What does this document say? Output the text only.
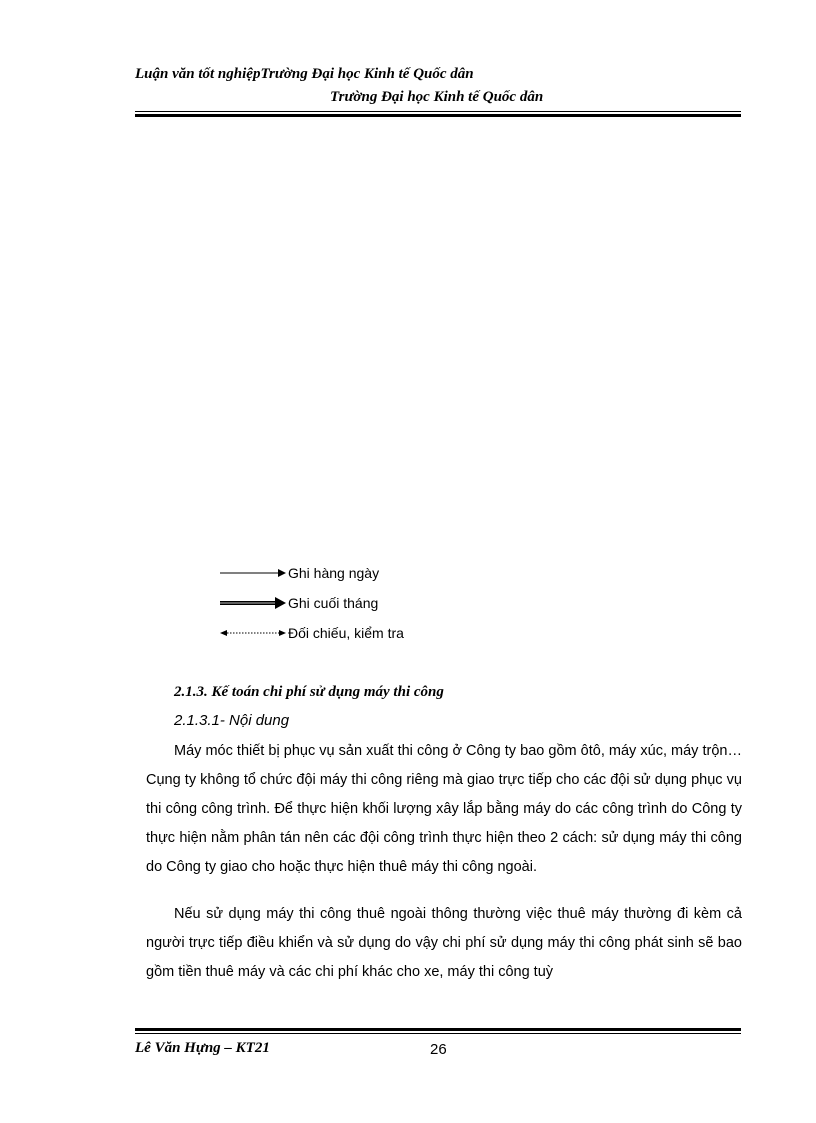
Luận văn tốt nghiệpTrường Đại học Kinh tế Quốc dân
Trường Đại học Kinh tế Quốc dân
Ghi hàng ngày
Ghi cuối tháng
Đối chiếu, kiểm tra
2.1.3. Kế toán chi phí sử dụng máy thi công
2.1.3.1- Nội dung

Máy móc thiết bị phục vụ sản xuất thi công ở Công ty bao gồm ôtô, máy xúc, máy trộn…Cụng ty không tổ chức đội máy thi công riêng mà giao trực tiếp cho các đội sử dụng phục vụ thi công công trình. Để thực hiện khối lượng xây lắp bằng máy do các công trình do Công ty thực hiện nằm phân tán nên các đội công trình thực hiện theo 2 cách: sử dụng máy thi công do Công ty giao cho hoặc thực hiện thuê máy thi công ngoài.

Nếu sử dụng máy thi công thuê ngoài thông thường việc thuê máy thường đi kèm cả người trực tiếp điều khiển và sử dụng do vậy chi phí sử dụng máy thi công phát sinh sẽ bao gồm tiền thuê máy và các chi phí khác cho xe, máy thi công tuỳ

Lê Văn Hựng – KT21	26
